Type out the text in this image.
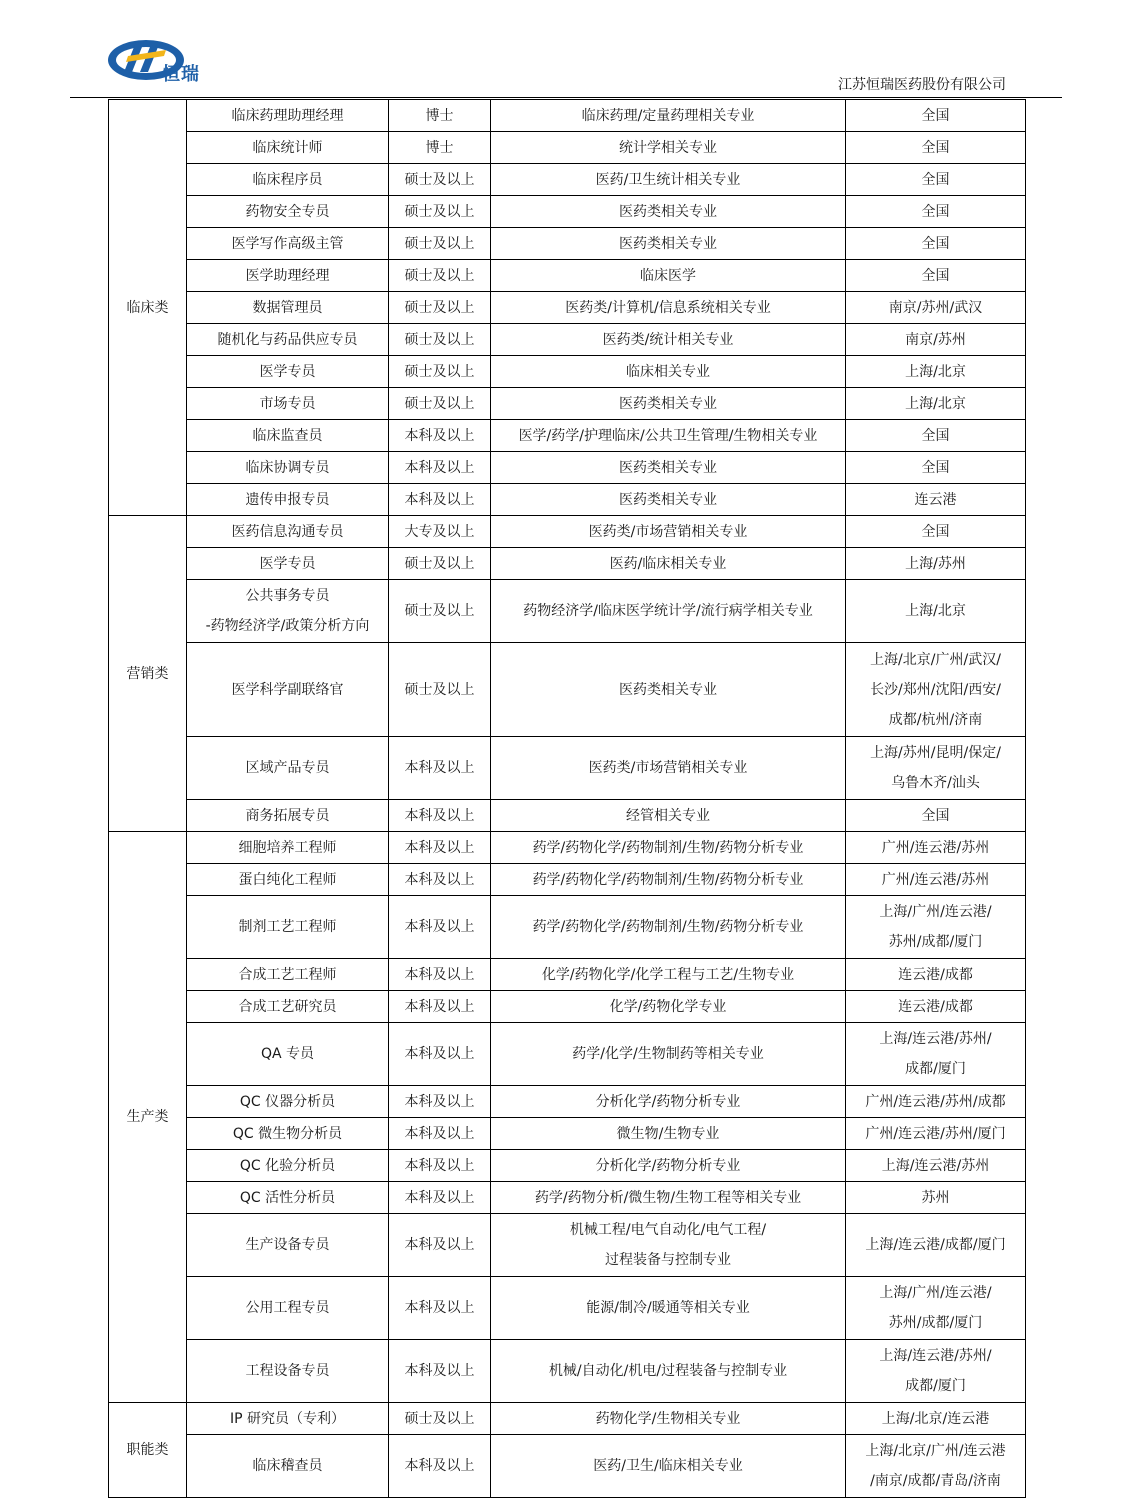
恒瑞	江苏恒瑞医药股份有限公司
临床类	临床药理助理经理	博士	临床药理/定量药理相关专业	全国
	临床统计师	博士	统计学相关专业	全国
	临床程序员	硕士及以上	医药/卫生统计相关专业	全国
	药物安全专员	硕士及以上	医药类相关专业	全国
	医学写作高级主管	硕士及以上	医药类相关专业	全国
	医学助理经理	硕士及以上	临床医学	全国
	数据管理员	硕士及以上	医药类/计算机/信息系统相关专业	南京/苏州/武汉
	随机化与药品供应专员	硕士及以上	医药类/统计相关专业	南京/苏州
	医学专员	硕士及以上	临床相关专业	上海/北京
	市场专员	硕士及以上	医药类相关专业	上海/北京
	临床监查员	本科及以上	医学/药学/护理临床/公共卫生管理/生物相关专业	全国
	临床协调专员	本科及以上	医药类相关专业	全国
	遗传申报专员	本科及以上	医药类相关专业	连云港
营销类	医药信息沟通专员	大专及以上	医药类/市场营销相关专业	全国
	医学专员	硕士及以上	医药/临床相关专业	上海/苏州
	公共事务专员
-药物经济学/政策分析方向	硕士及以上	药物经济学/临床医学统计学/流行病学相关专业	上海/北京
	医学科学副联络官	硕士及以上	医药类相关专业	上海/北京/广州/武汉/
长沙/郑州/沈阳/西安/
成都/杭州/济南
	区域产品专员	本科及以上	医药类/市场营销相关专业	上海/苏州/昆明/保定/
乌鲁木齐/汕头
	商务拓展专员	本科及以上	经管相关专业	全国
生产类	细胞培养工程师	本科及以上	药学/药物化学/药物制剂/生物/药物分析专业	广州/连云港/苏州
	蛋白纯化工程师	本科及以上	药学/药物化学/药物制剂/生物/药物分析专业	广州/连云港/苏州
	制剂工艺工程师	本科及以上	药学/药物化学/药物制剂/生物/药物分析专业	上海/广州/连云港/
苏州/成都/厦门
	合成工艺工程师	本科及以上	化学/药物化学/化学工程与工艺/生物专业	连云港/成都
	合成工艺研究员	本科及以上	化学/药物化学专业	连云港/成都
	QA 专员	本科及以上	药学/化学/生物制药等相关专业	上海/连云港/苏州/
成都/厦门
	QC 仪器分析员	本科及以上	分析化学/药物分析专业	广州/连云港/苏州/成都
	QC 微生物分析员	本科及以上	微生物/生物专业	广州/连云港/苏州/厦门
	QC 化验分析员	本科及以上	分析化学/药物分析专业	上海/连云港/苏州
	QC 活性分析员	本科及以上	药学/药物分析/微生物/生物工程等相关专业	苏州
	生产设备专员	本科及以上	机械工程/电气自动化/电气工程/
过程装备与控制专业	上海/连云港/成都/厦门
	公用工程专员	本科及以上	能源/制冷/暖通等相关专业	上海/广州/连云港/
苏州/成都/厦门
	工程设备专员	本科及以上	机械/自动化/机电/过程装备与控制专业	上海/连云港/苏州/
成都/厦门
职能类	IP 研究员（专利）	硕士及以上	药物化学/生物相关专业	上海/北京/连云港
	临床稽查员	本科及以上	医药/卫生/临床相关专业	上海/北京/广州/连云港
/南京/成都/青岛/济南
